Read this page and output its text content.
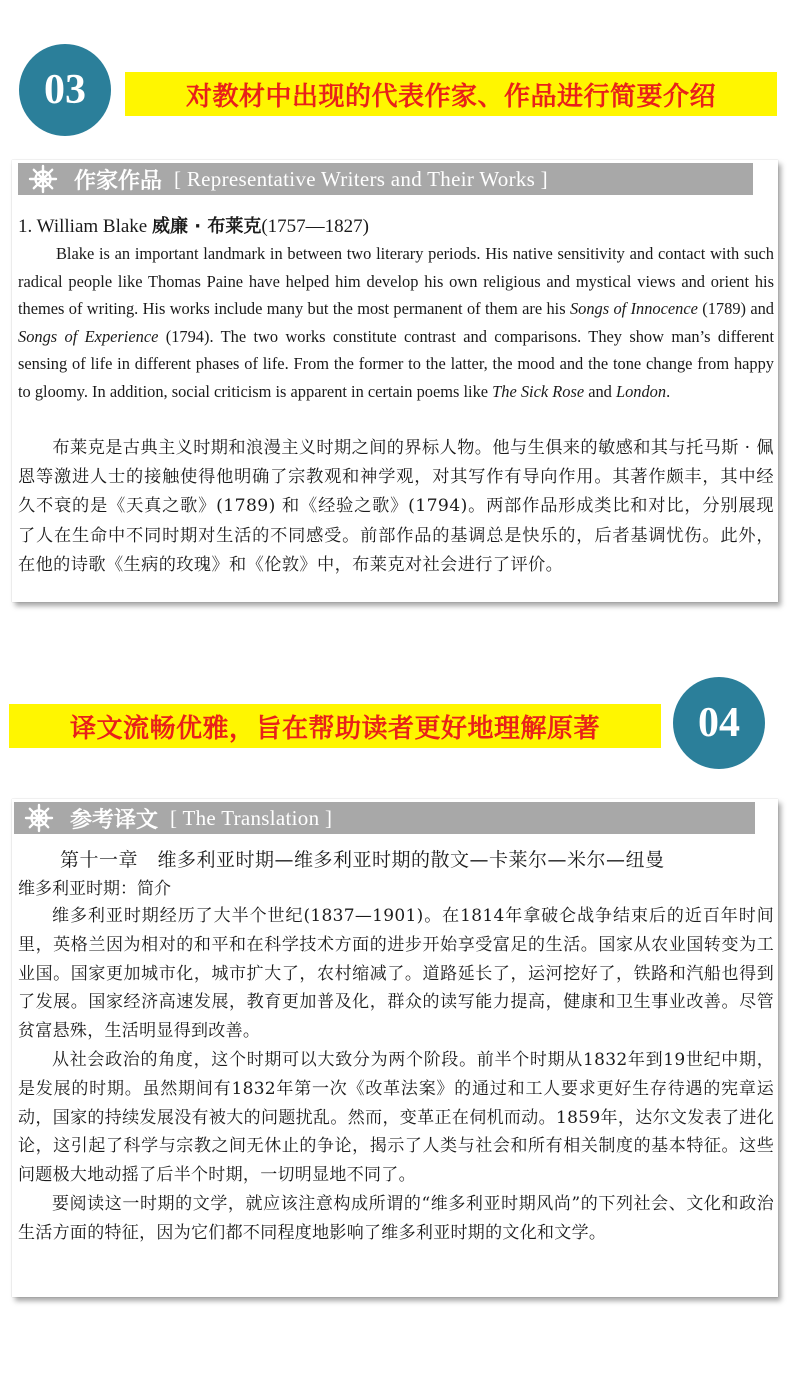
03	对教材中出现的代表作家、作品进行简要介绍
作家作品 [ Representative Writers and Their Works ]
1. William Blake 威廉 · 布莱克(1757—1827)

Blake is an important landmark in between two literary periods. His native sensitivity and contact with such radical people like Thomas Paine have helped him develop his own religious and mystical views and orient his themes of writing. His works include many but the most permanent of them are his Songs of Innocence (1789) and Songs of Experience (1794). The two works constitute contrast and comparisons. They show man’s different sensing of life in different phases of life. From the former to the latter, the mood and the tone change from happy to gloomy. In addition, social criticism is apparent in certain poems like The Sick Rose and London.

布莱克是古典主义时期和浪漫主义时期之间的界标人物。他与生俱来的敏感和其与托马斯 · 佩恩等激进人士的接触使得他明确了宗教观和神学观，对其写作有导向作用。其著作颇丰，其中经久不衰的是《天真之歌》(1789) 和《经验之歌》(1794)。两部作品形成类比和对比，分别展现了人在生命中不同时期对生活的不同感受。前部作品的基调总是快乐的，后者基调忧伤。此外，在他的诗歌《生病的玫瑰》和《伦敦》中，布莱克对社会进行了评价。

译文流畅优雅，旨在帮助读者更好地理解原著 04
参考译文 [ The Translation ]
第十一章　维多利亚时期—维多利亚时期的散文—卡莱尔—米尔—纽曼
维多利亚时期：简介

维多利亚时期经历了大半个世纪(1837—1901)。在1814年拿破仑战争结束后的近百年时间里，英格兰因为相对的和平和在科学技术方面的进步开始享受富足的生活。国家从农业国转变为工业国。国家更加城市化，城市扩大了，农村缩减了。道路延长了，运河挖好了，铁路和汽船也得到了发展。国家经济高速发展，教育更加普及化，群众的读写能力提高，健康和卫生事业改善。尽管贫富悬殊，生活明显得到改善。

从社会政治的角度，这个时期可以大致分为两个阶段。前半个时期从1832年到19世纪中期，是发展的时期。虽然期间有1832年第一次《改革法案》的通过和工人要求更好生存待遇的宪章运动，国家的持续发展没有被大的问题扰乱。然而，变革正在伺机而动。1859年，达尔文发表了进化论，这引起了科学与宗教之间无休止的争论，揭示了人类与社会和所有相关制度的基本特征。这些问题极大地动摇了后半个时期，一切明显地不同了。

要阅读这一时期的文学，就应该注意构成所谓的“维多利亚时期风尚”的下列社会、文化和政治生活方面的特征，因为它们都不同程度地影响了维多利亚时期的文化和文学。
